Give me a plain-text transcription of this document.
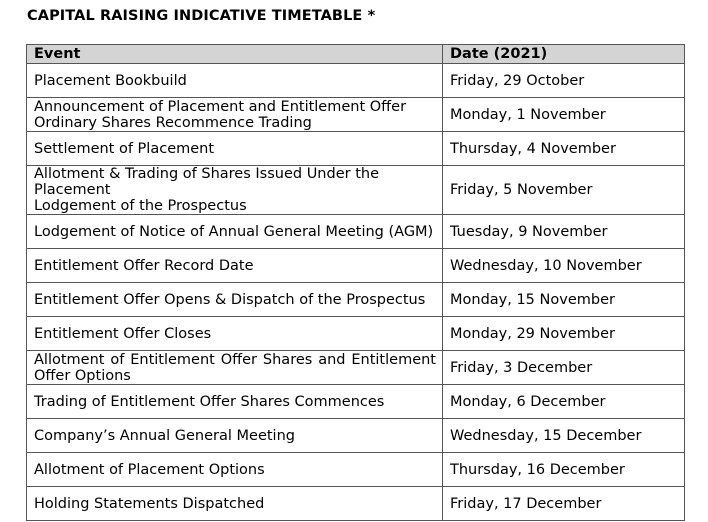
CAPITAL RAISING INDICATIVE TIMETABLE *
Event	Date (2021)

Placement Bookbuild	Friday, 29 October

Announcement of Placement and Entitlement Offer
Ordinary Shares Recommence Trading	Monday, 1 November

Settlement of Placement	Thursday, 4 November

Allotment & Trading of Shares Issued Under the Placement
Lodgement of the Prospectus	Friday, 5 November

Lodgement of Notice of Annual General Meeting (AGM)	Tuesday, 9 November

Entitlement Offer Record Date	Wednesday, 10 November

Entitlement Offer Opens & Dispatch of the Prospectus	Monday, 15 November

Entitlement Offer Closes	Monday, 29 November

Allotment of Entitlement Offer Shares and Entitlement Offer Options	Friday, 3 December

Trading of Entitlement Offer Shares Commences	Monday, 6 December

Company’s Annual General Meeting	Wednesday, 15 December

Allotment of Placement Options	Thursday, 16 December

Holding Statements Dispatched	Friday, 17 December
